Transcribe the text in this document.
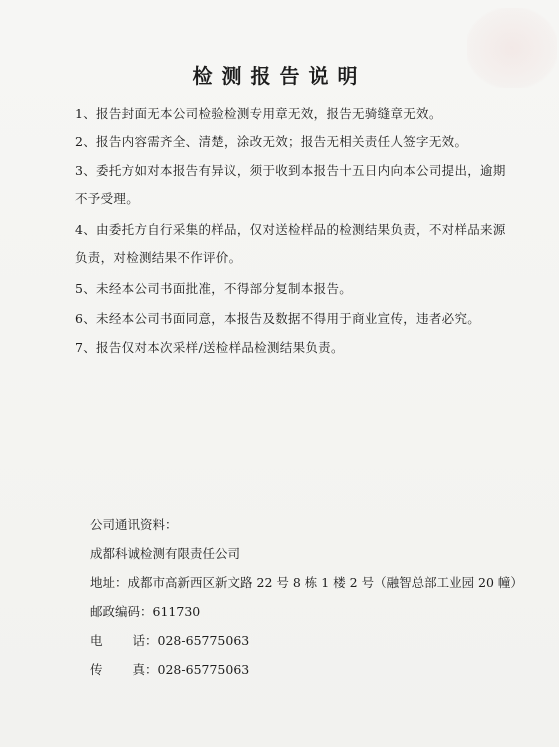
检测报告说明
1、报告封面无本公司检验检测专用章无效，报告无骑缝章无效。
2、报告内容需齐全、清楚，涂改无效；报告无相关责任人签字无效。
3、委托方如对本报告有异议，须于收到本报告十五日内向本公司提出，逾期不予受理。
4、由委托方自行采集的样品，仅对送检样品的检测结果负责，不对样品来源负责，对检测结果不作评价。
5、未经本公司书面批准，不得部分复制本报告。
6、未经本公司书面同意，本报告及数据不得用于商业宣传，违者必究。
7、报告仅对本次采样/送检样品检测结果负责。
公司通讯资料：
成都科诚检测有限责任公司
地址：成都市高新西区新文路 22 号 8 栋 1 楼 2 号（融智总部工业园 20 幢）
邮政编码：611730
电 话：028-65775063
传 真：028-65775063
